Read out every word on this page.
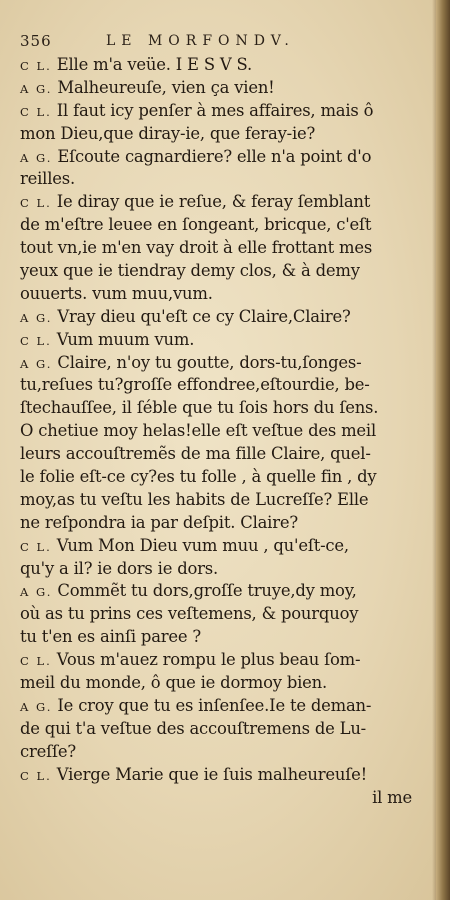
356	LE MORFONDV.
C L. Elle m'a veüe. I E S V S.
A G. Malheureuſe, vien ça vien!
C L. Il faut icy penſer à mes affaires, mais ô
mon Dieu,que diray-ie, que feray-ie?
A G. Eſcoute cagnardiere? elle n'a point d'o
reilles.
C L. Ie diray que ie reſue, & feray ſemblant
de m'eſtre leuee en ſongeant, bricque, c'eſt
tout vn,ie m'en vay droit à elle frottant mes
yeux que ie tiendray demy clos, & à demy
ouuerts. vum muu,vum.
A G. Vray dieu qu'eſt ce cy Claire,Claire?
C L. Vum muum vum.
A G. Claire, n'oy tu goutte, dors-tu,ſonges-
tu,reſues tu?groſſe effondree,eſtourdie, be-
ſtechauſſee, il ſéble que tu ſois hors du ſens.
O chetiue moy helas!elle eſt veſtue des meil
leurs accouſtremẽs de ma fille Claire, quel-
le folie eſt-ce cy?es tu folle , à quelle fin , dy
moy,as tu veſtu les habits de Lucreſſe? Elle
ne reſpondra ia par deſpit. Claire?
C L. Vum Mon Dieu vum muu , qu'eſt-ce,
qu'y a il? ie dors ie dors.
A G. Commẽt tu dors,groſſe truye,dy moy,
où as tu prins ces veſtemens, & pourquoy
tu t'en es ainſi paree ?
C L. Vous m'auez rompu le plus beau ſom-
meil du monde, ô que ie dormoy bien.
A G. Ie croy que tu es inſenſee.Ie te deman-
de qui t'a veſtue des accouſtremens de Lu-
creſſe?
C L. Vierge Marie que ie ſuis malheureuſe!
il me
